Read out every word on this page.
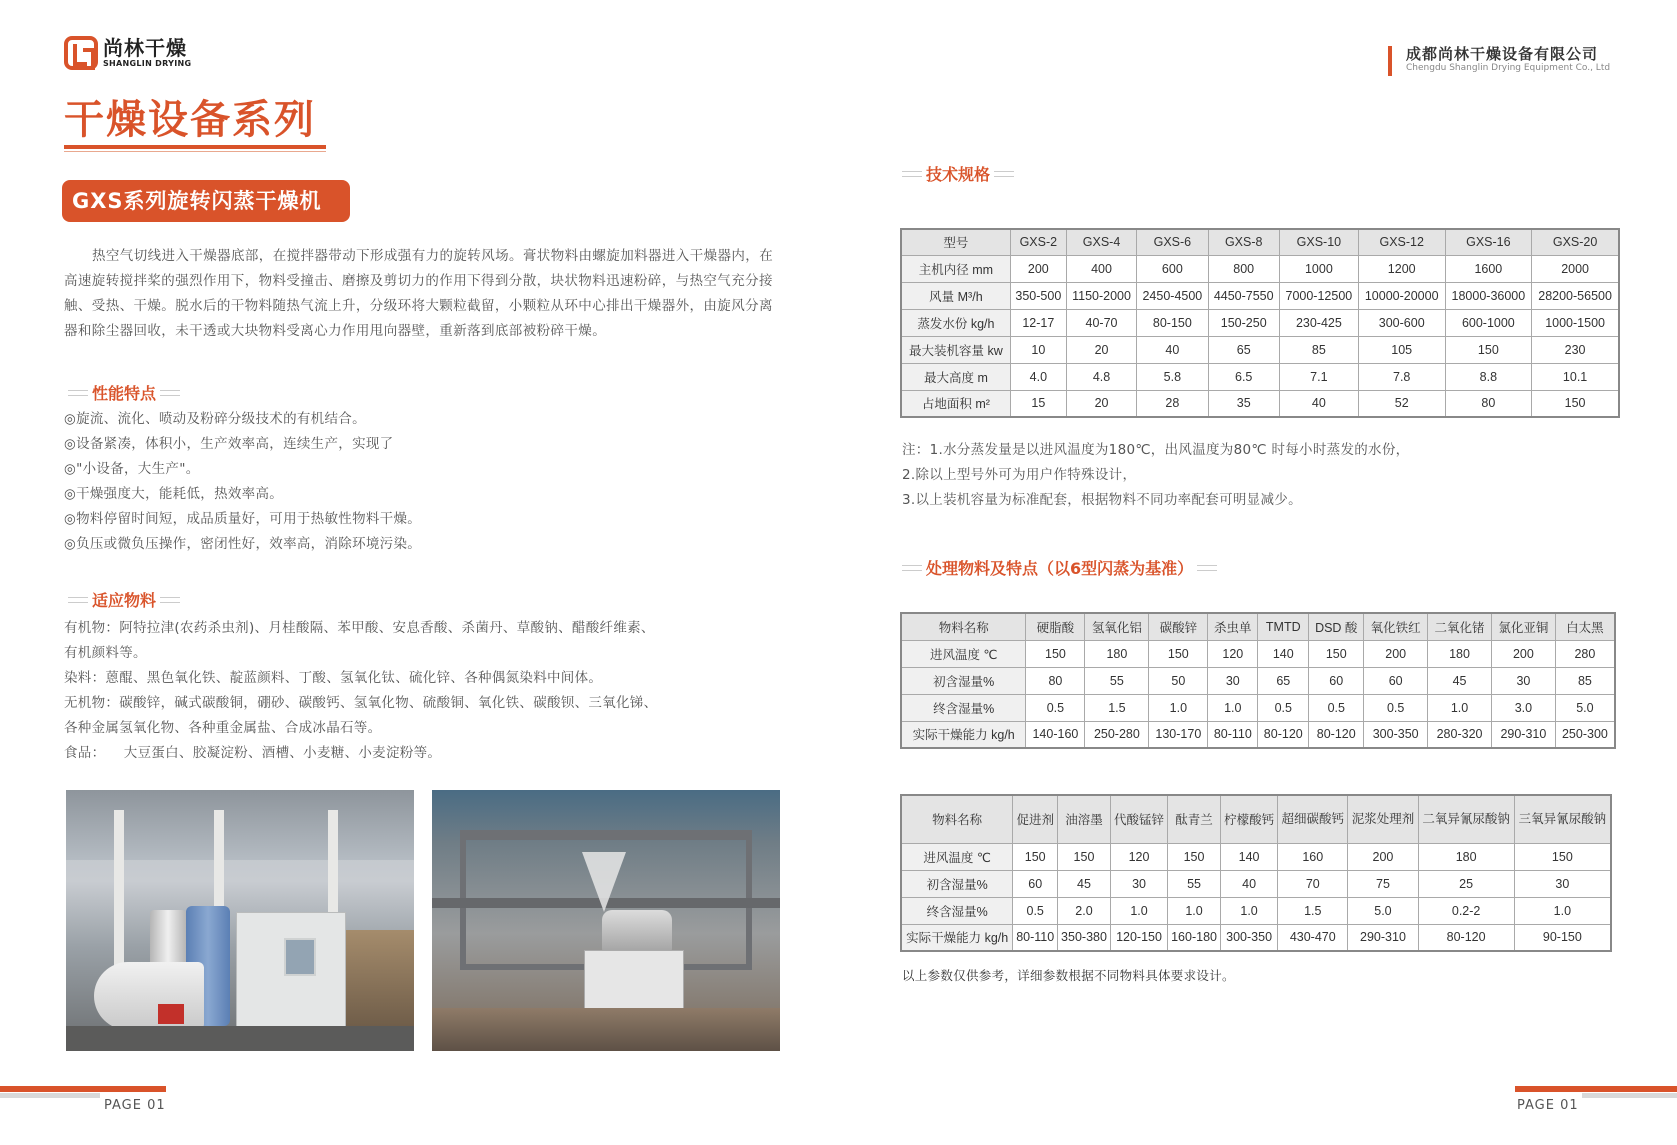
尚林干燥
SHANGLIN DRYING
成都尚林干燥设备有限公司
Chengdu Shanglin Drying Equipment Co., Ltd
干燥设备系列
GXS系列旋转闪蒸干燥机

热空气切线进入干燥器底部，在搅拌器带动下形成强有力的旋转风场。膏状物料由螺旋加料器进入干燥器内，在高速旋转搅拌桨的强烈作用下，物料受撞击、磨擦及剪切力的作用下得到分散，块状物料迅速粉碎，与热空气充分接触、受热、干燥。脱水后的干物料随热气流上升，分级环将大颗粒截留，小颗粒从环中心排出干燥器外，由旋风分离器和除尘器回收，未干透或大块物料受离心力作用甩向器壁，重新落到底部被粉碎干燥。

性能特点
◎旋流、流化、喷动及粉碎分级技术的有机结合。
◎设备紧凑，体积小，生产效率高，连续生产，实现了
◎"小设备，大生产"。
◎干燥强度大，能耗低，热效率高。
◎物料停留时间短，成品质量好，可用于热敏性物料干燥。
◎负压或微负压操作，密闭性好，效率高，消除环境污染。
适应物料

有机物：阿特拉津(农药杀虫剂)、月桂酸隔、苯甲酸、安息香酸、杀菌丹、草酸钠、醋酸纤维素、

有机颜料等。

染料：蒽醌、黑色氧化铁、靛蓝颜料、丁酸、氢氧化钛、硫化锌、各种偶氮染料中间体。

无机物：碳酸锌，碱式碳酸铜，硼砂、碳酸钙、氢氧化物、硫酸铜、氧化铁、碳酸钡、三氧化锑、

各种金属氢氧化物、各种重金属盐、合成冰晶石等。

食品：    大豆蛋白、胶凝淀粉、酒槽、小麦糖、小麦淀粉等。

技术规格
型号	GXS-2	GXS-4	GXS-6	GXS-8	GXS-10	GXS-12	GXS-16	GXS-20
主机内径 mm	200	400	600	800	1000	1200	1600	2000
风量 M³/h	350-500	1150-2000	2450-4500	4450-7550	7000-12500	10000-20000	18000-36000	28200-56500
蒸发水份 kg/h	12-17	40-70	80-150	150-250	230-425	300-600	600-1000	1000-1500
最大装机容量 kw	10	20	40	65	85	105	150	230
最大高度 m	4.0	4.8	5.8	6.5	7.1	7.8	8.8	10.1
占地面积 m²	15	20	28	35	40	52	80	150

注：1.水分蒸发量是以进风温度为180℃，出风温度为80℃ 时每小时蒸发的水份，

2.除以上型号外可为用户作特殊设计，

3.以上装机容量为标准配套，根据物料不同功率配套可明显减少。

处理物料及特点（以6型闪蒸为基准）
物料名称	硬脂酸	氢氧化铝	碳酸锌	杀虫单	TMTD	DSD 酸	氧化铁红	二氧化锗	氯化亚铜	白太黑
进风温度 ℃	150	180	150	120	140	150	200	180	200	280
初含湿量%	80	55	50	30	65	60	60	45	30	85
终含湿量%	0.5	1.5	1.0	1.0	0.5	0.5	0.5	1.0	3.0	5.0
实际干燥能力 kg/h	140-160	250-280	130-170	80-110	80-120	80-120	300-350	280-320	290-310	250-300
物料名称	促进剂	油溶墨	代酸锰锌	酞青兰	柠檬酸钙	超细碳酸钙	泥浆处理剂	二氧异氰尿酸钠	三氧异氰尿酸钠
进风温度 ℃	150	150	120	150	140	160	200	180	150
初含湿量%	60	45	30	55	40	70	75	25	30
终含湿量%	0.5	2.0	1.0	1.0	1.0	1.5	5.0	0.2-2	1.0
实际干燥能力 kg/h	80-110	350-380	120-150	160-180	300-350	430-470	290-310	80-120	90-150
以上参数仅供参考，详细参数根据不同物料具体要求设计。
PAGE 01	PAGE 01
